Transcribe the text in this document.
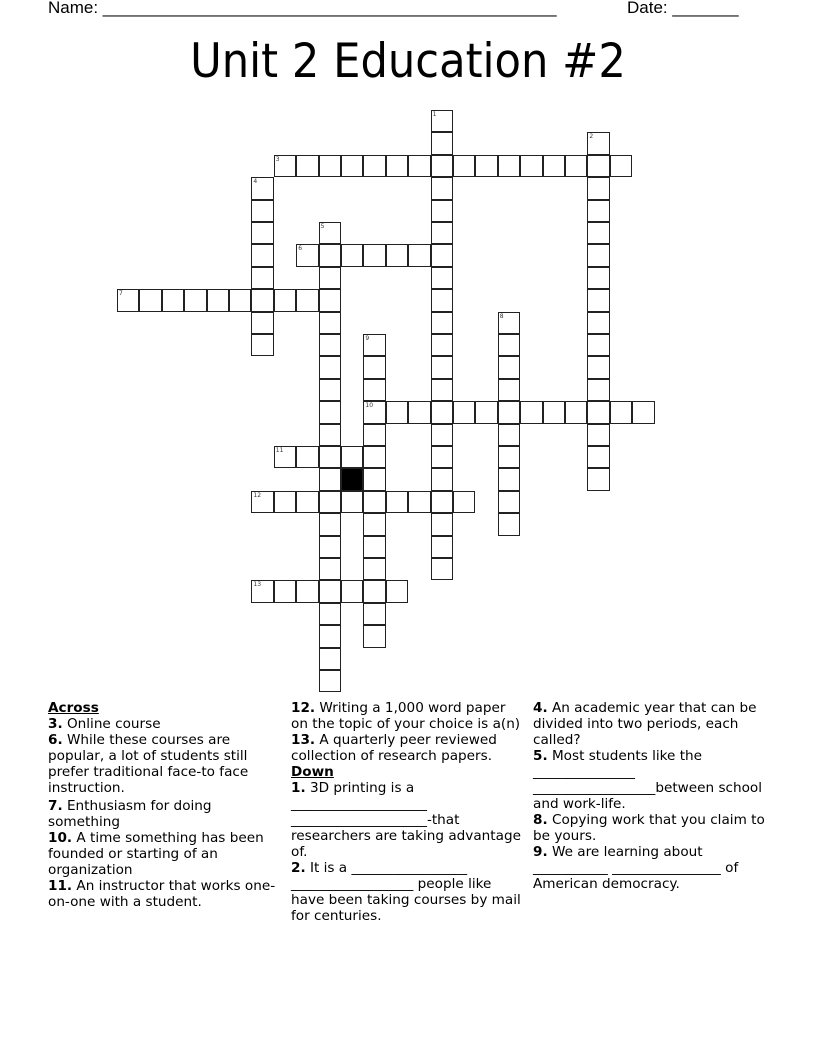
Name: ________________________________________________	Date: _______
Unit 2 Education #2
1
2
3
4
5
6
7
8
9
10
11
12
13
Across
3. Online course
6. While these courses are popular, a lot of students still prefer traditional face-to face instruction.
7. Enthusiasm for doing something
10. A time something has been founded or starting of an organization
11. An instructor that works one-on-one with a student.
12. Writing a 1,000 word paper on the topic of your choice is a(n)
13. A quarterly peer reviewed collection of research papers.
Down
1. 3D printing is a ____________________ ____________________-that researchers are taking advantage of.
2. It is a _________________ __________________ people like have been taking courses by mail for centuries.
4. An academic year that can be divided into two periods, each called?
5. Most students like the _______________ __________________between school and work-life.
8. Copying work that you claim to be yours.
9. We are learning about ___________ ________________ of American democracy.
